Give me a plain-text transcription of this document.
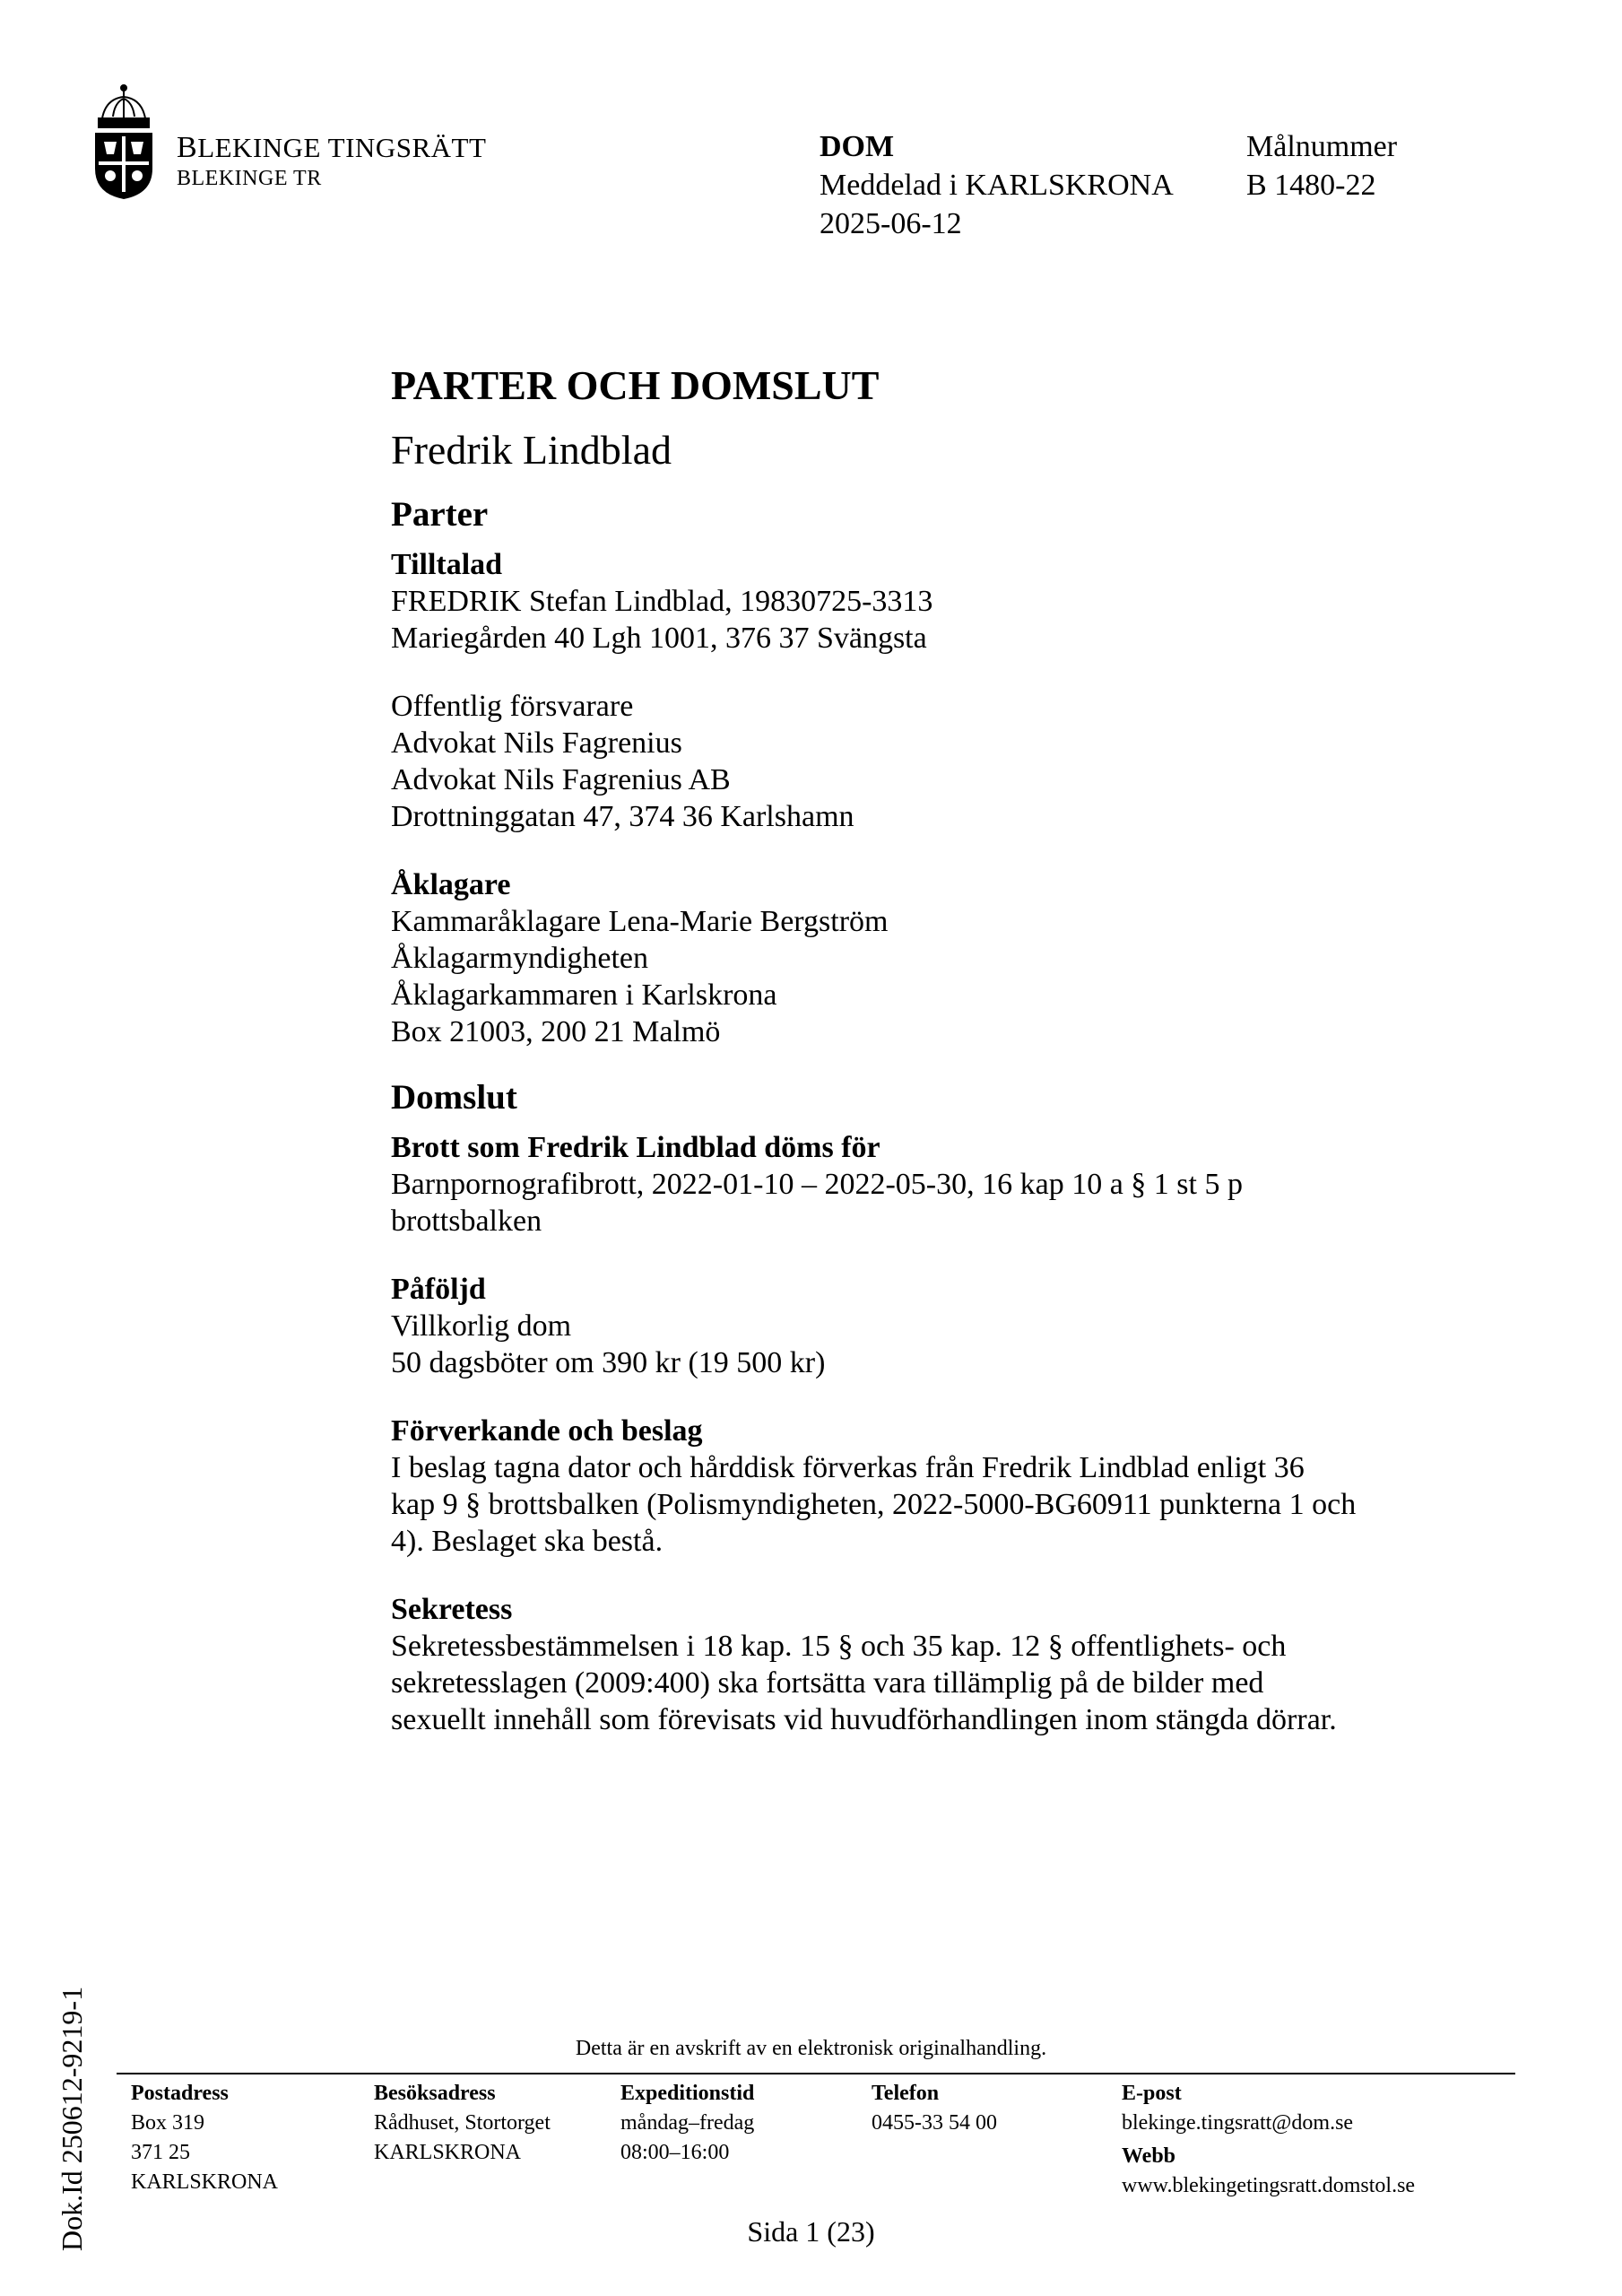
BLEKINGE TINGSRÄTT
BLEKINGE TR
DOM
Meddelad i KARLSKRONA
2025-06-12
Målnummer
B 1480-22
PARTER OCH DOMSLUT
Fredrik Lindblad
Parter
Tilltalad
FREDRIK Stefan Lindblad, 19830725-3313
Mariegården 40 Lgh 1001, 376 37 Svängsta
Offentlig försvarare
Advokat Nils Fagrenius
Advokat Nils Fagrenius AB
Drottninggatan 47, 374 36 Karlshamn
Åklagare
Kammaråklagare Lena-Marie Bergström
Åklagarmyndigheten
Åklagarkammaren i Karlskrona
Box 21003, 200 21 Malmö
Domslut
Brott som Fredrik Lindblad döms för
Barnpornografibrott, 2022-01-10 – 2022-05-30, 16 kap 10 a § 1 st 5 p
brottsbalken
Påföljd
Villkorlig dom
50 dagsböter om 390 kr (19 500 kr)
Förverkande och beslag
I beslag tagna dator och hårddisk förverkas från Fredrik Lindblad enligt 36
kap 9 § brottsbalken (Polismyndigheten, 2022-5000-BG60911 punkterna 1 och
4). Beslaget ska bestå.
Sekretess
Sekretessbestämmelsen i 18 kap. 15 § och 35 kap. 12 § offentlighets- och
sekretesslagen (2009:400) ska fortsätta vara tillämplig på de bilder med
sexuellt innehåll som förevisats vid huvudförhandlingen inom stängda dörrar.
Dok.Id 250612-9219-1	Detta är en avskrift av en elektronisk originalhandling.
Postadress
Box 319
371 25
KARLSKRONA
Besöksadress
Rådhuset, Stortorget
KARLSKRONA
Expeditionstid
måndag–fredag
08:00–16:00
Telefon
0455-33 54 00
E-post
blekinge.tingsratt@dom.se
Webb
www.blekingetingsratt.domstol.se
Sida 1 (23)
